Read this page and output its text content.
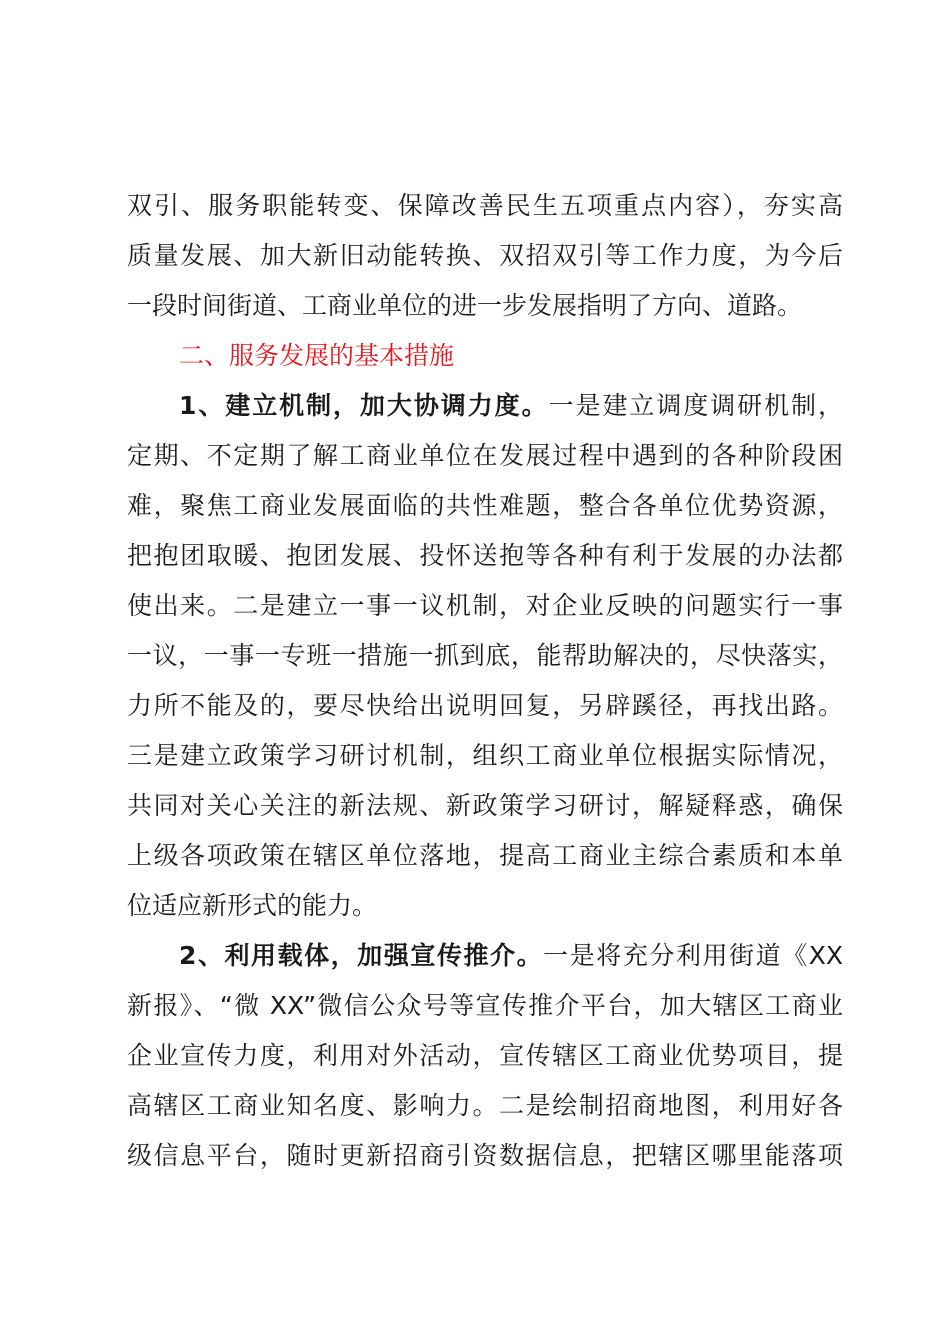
双引、服务职能转变、保障改善民生五项重点内容），夯实高
质量发展、加大新旧动能转换、双招双引等工作力度，为今后
一段时间街道、工商业单位的进一步发展指明了方向、道路。
二、服务发展的基本措施
1、建立机制，加大协调力度。一是建立调度调研机制，
定期、不定期了解工商业单位在发展过程中遇到的各种阶段困
难，聚焦工商业发展面临的共性难题，整合各单位优势资源，
把抱团取暖、抱团发展、投怀送抱等各种有利于发展的办法都
使出来。二是建立一事一议机制，对企业反映的问题实行一事
一议，一事一专班一措施一抓到底，能帮助解决的，尽快落实，
力所不能及的，要尽快给出说明回复，另辟蹊径，再找出路。
三是建立政策学习研讨机制，组织工商业单位根据实际情况，
共同对关心关注的新法规、新政策学习研讨，解疑释惑，确保
上级各项政策在辖区单位落地，提高工商业主综合素质和本单
位适应新形式的能力。
2、利用载体，加强宣传推介。一是将充分利用街道《XX
新报》、“微 XX”微信公众号等宣传推介平台，加大辖区工商业
企业宣传力度，利用对外活动，宣传辖区工商业优势项目，提
高辖区工商业知名度、影响力。二是绘制招商地图，利用好各
级信息平台，随时更新招商引资数据信息，把辖区哪里能落项
